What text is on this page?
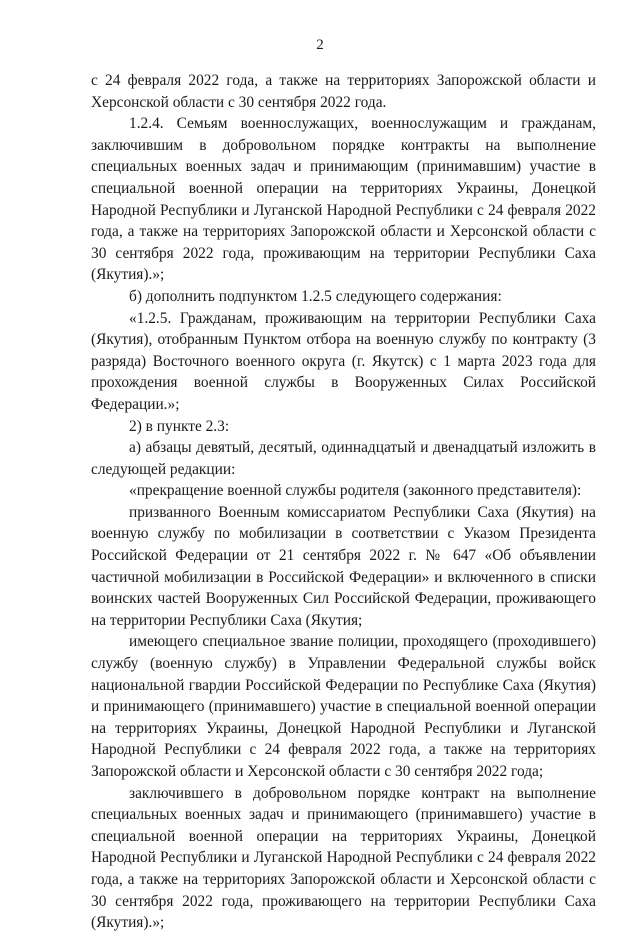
2

с 24 февраля 2022 года, а также на территориях Запорожской области и Херсонской области с 30 сентября 2022 года.

1.2.4. Семьям военнослужащих, военнослужащим и гражданам, заключившим в добровольном порядке контракты на выполнение специальных военных задач и принимающим (принимавшим) участие в специальной военной операции на территориях Украины, Донецкой Народной Республики и Луганской Народной Республики с 24 февраля 2022 года, а также на территориях Запорожской области и Херсонской области с 30 сентября 2022 года, проживающим на территории Республики Саха (Якутия).»;

б) дополнить подпунктом 1.2.5 следующего содержания:

«1.2.5. Гражданам, проживающим на территории Республики Саха (Якутия), отобранным Пунктом отбора на военную службу по контракту (3 разряда) Восточного военного округа (г. Якутск) с 1 марта 2023 года для прохождения военной службы в Вооруженных Силах Российской Федерации.»;

2) в пункте 2.3:

а) абзацы девятый, десятый, одиннадцатый и двенадцатый изложить в следующей редакции:

«прекращение военной службы родителя (законного представителя):

призванного Военным комиссариатом Республики Саха (Якутия) на военную службу по мобилизации в соответствии с Указом Президента Российской Федерации от 21 сентября 2022 г. № 647 «Об объявлении частичной мобилизации в Российской Федерации» и включенного в списки воинских частей Вооруженных Сил Российской Федерации, проживающего на территории Республики Саха (Якутия;

имеющего специальное звание полиции, проходящего (проходившего) службу (военную службу) в Управлении Федеральной службы войск национальной гвардии Российской Федерации по Республике Саха (Якутия) и принимающего (принимавшего) участие в специальной военной операции на территориях Украины, Донецкой Народной Республики и Луганской Народной Республики с 24 февраля 2022 года, а также на территориях Запорожской области и Херсонской области с 30 сентября 2022 года;

заключившего в добровольном порядке контракт на выполнение специальных военных задач и принимающего (принимавшего) участие в специальной военной операции на территориях Украины, Донецкой Народной Республики и Луганской Народной Республики с 24 февраля 2022 года, а также на территориях Запорожской области и Херсонской области с 30 сентября 2022 года, проживающего на территории Республики Саха (Якутия).»;
